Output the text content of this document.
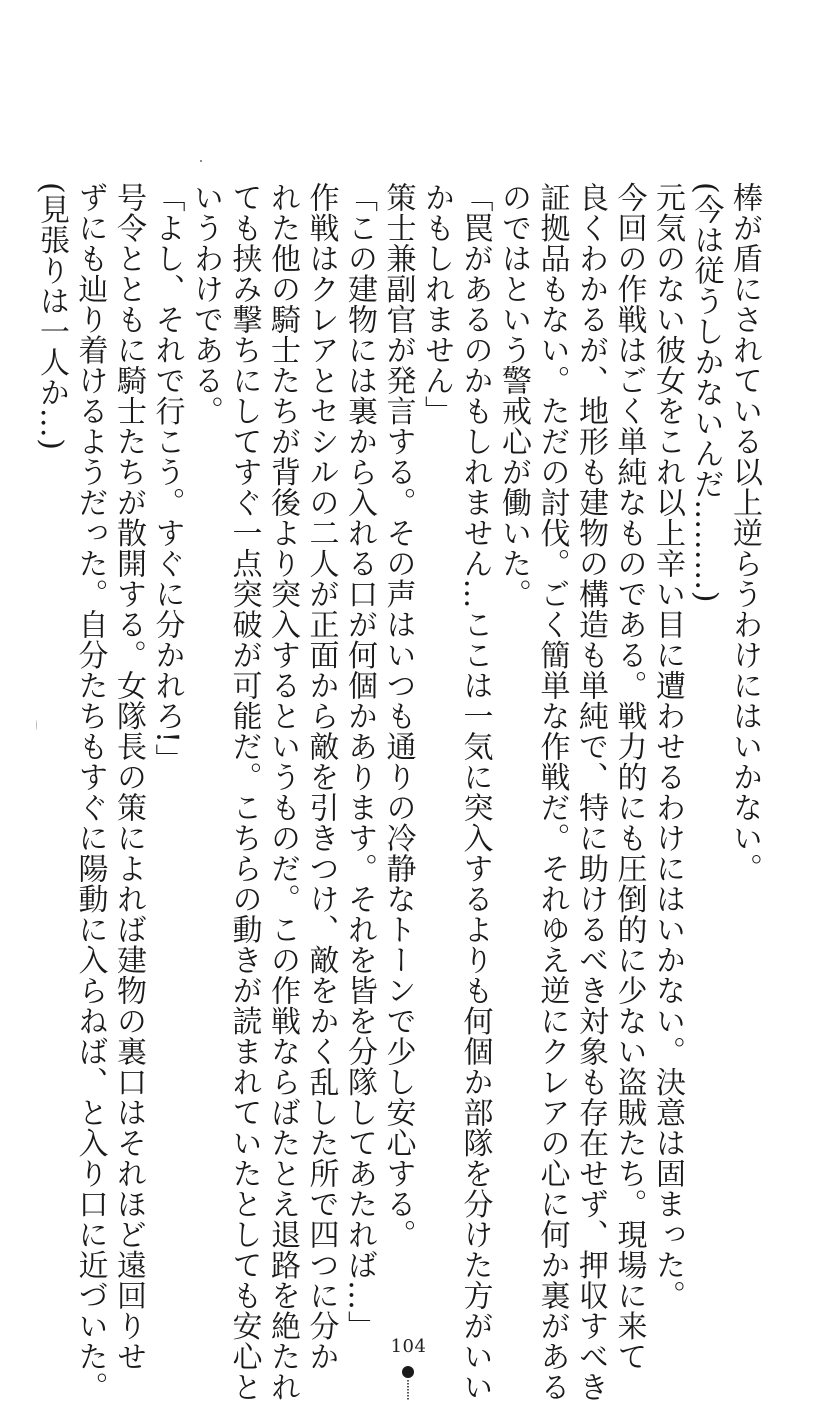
棒が盾にされている以上逆らうわけにはいかない。
(今は従うしかないんだ………)
元気のない彼女をこれ以上辛い目に遭わせるわけにはいかない。決意は固まった。
今回の作戦はごく単純なものである。戦力的にも圧倒的に少ない盗賊たち。現場に来て
良くわかるが、地形も建物の構造も単純で、特に助けるべき対象も存在せず、押収すべき
証拠品もない。ただの討伐。ごく簡単な作戦だ。それゆえ逆にクレアの心に何か裏がある
のではという警戒心が働いた。
「罠があるのかもしれません…ここは一気に突入するよりも何個か部隊を分けた方がいい
かもしれません」
策士兼副官が発言する。その声はいつも通りの冷静なトーンで少し安心する。
「この建物には裏から入れる口が何個かあります。それを皆を分隊してあたれば…」
作戦はクレアとセシルの二人が正面から敵を引きつけ、敵をかく乱した所で四つに分か
れた他の騎士たちが背後より突入するというものだ。この作戦ならばたとえ退路を絶たれ
ても挟み撃ちにしてすぐ一点突破が可能だ。こちらの動きが読まれていたとしても安心と
いうわけである。
「よし、それで行こう。すぐに分かれろ!」
号令とともに騎士たちが散開する。女隊長の策によれば建物の裏口はそれほど遠回りせ
ずにも辿り着けるようだった。自分たちもすぐに陽動に入らねば、と入り口に近づいた。
(見張りは一人か…)
104
